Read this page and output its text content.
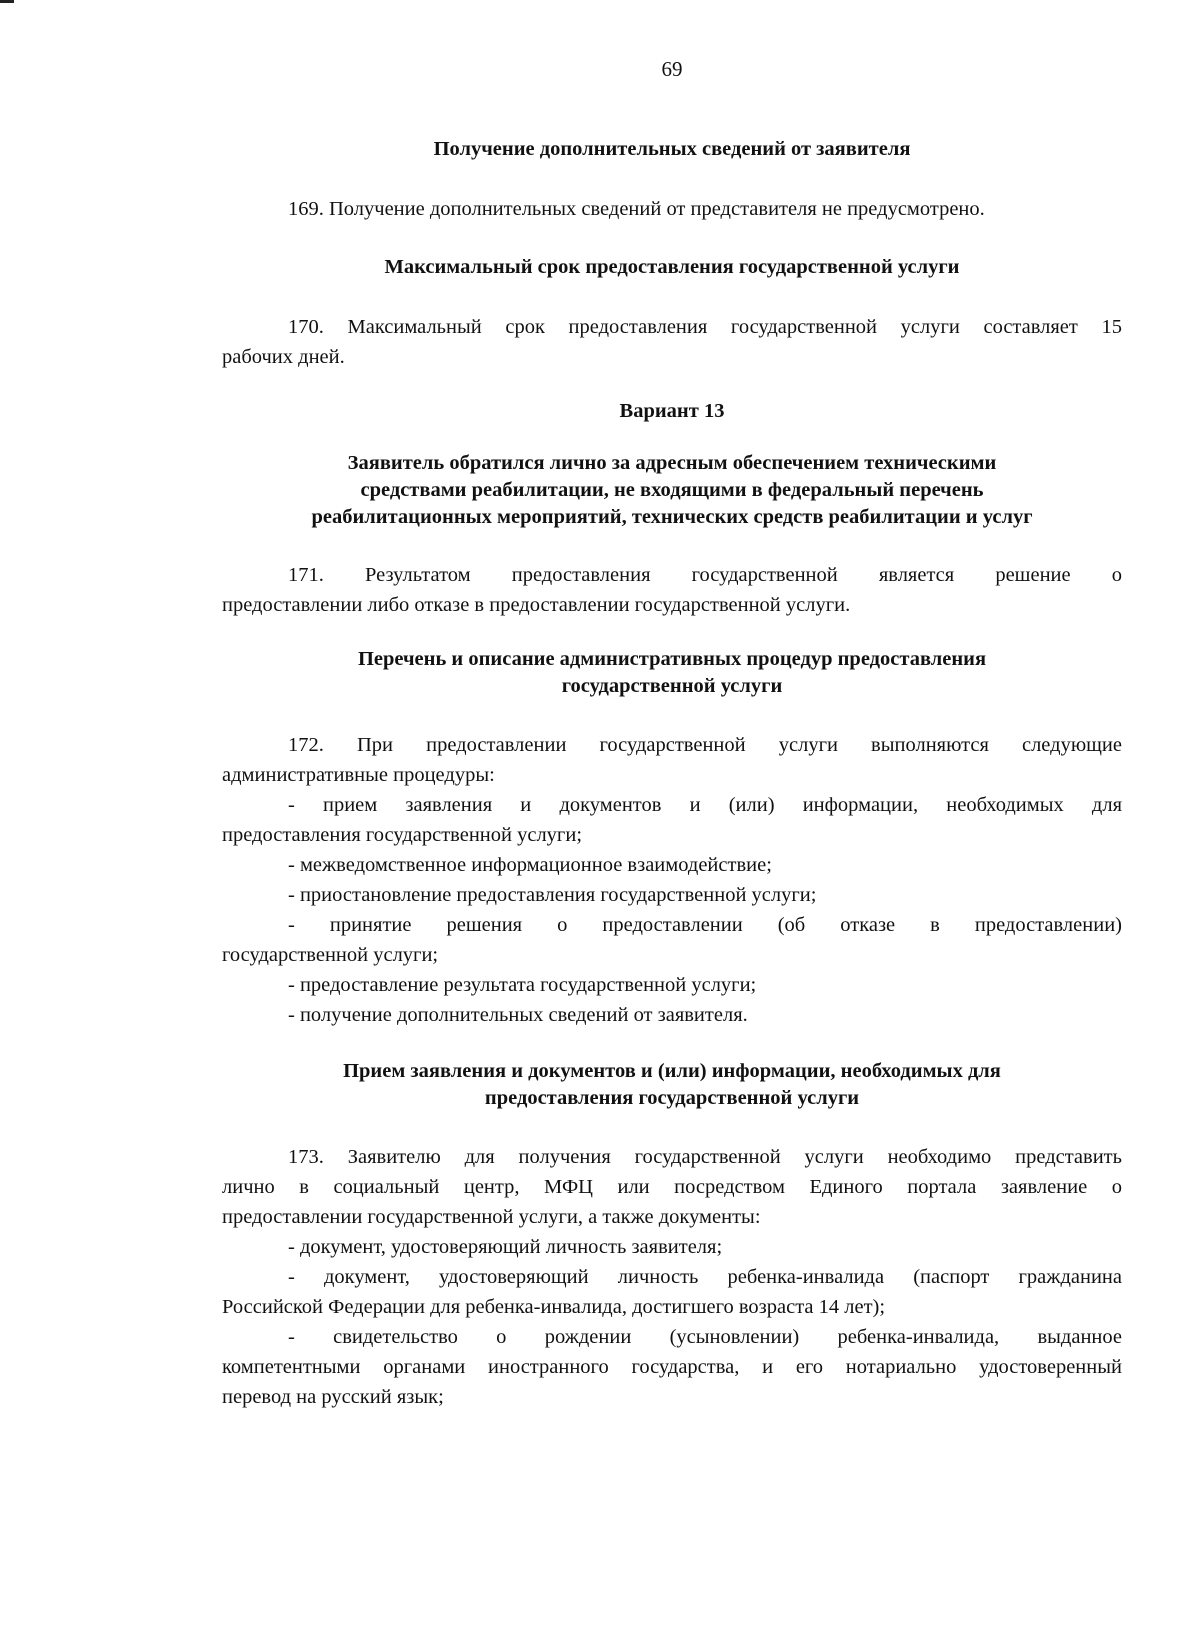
69
Получение дополнительных сведений от заявителя
169. Получение дополнительных сведений от представителя не предусмотрено.
Максимальный срок предоставления государственной услуги
170. Максимальный срок предоставления государственной услуги составляет 15
рабочих дней.
Вариант 13
Заявитель обратился лично за адресным обеспечением техническими
средствами реабилитации, не входящими в федеральный перечень
реабилитационных мероприятий, технических средств реабилитации и услуг
171. Результатом предоставления государственной является решение о
предоставлении либо отказе в предоставлении государственной услуги.
Перечень и описание административных процедур предоставления
государственной услуги
172. При предоставлении государственной услуги выполняются следующие
административные процедуры:
- прием заявления и документов и (или) информации, необходимых для
предоставления государственной услуги;
- межведомственное информационное взаимодействие;
- приостановление предоставления государственной услуги;
- принятие решения о предоставлении (об отказе в предоставлении)
государственной услуги;
- предоставление результата государственной услуги;
- получение дополнительных сведений от заявителя.
Прием заявления и документов и (или) информации, необходимых для
предоставления государственной услуги
173. Заявителю для получения государственной услуги необходимо представить
лично в социальный центр, МФЦ или посредством Единого портала заявление о
предоставлении государственной услуги, а также документы:
- документ, удостоверяющий личность заявителя;
- документ, удостоверяющий личность ребенка-инвалида (паспорт гражданина
Российской Федерации для ребенка-инвалида, достигшего возраста 14 лет);
- свидетельство о рождении (усыновлении) ребенка-инвалида, выданное
компетентными органами иностранного государства, и его нотариально удостоверенный
перевод на русский язык;
